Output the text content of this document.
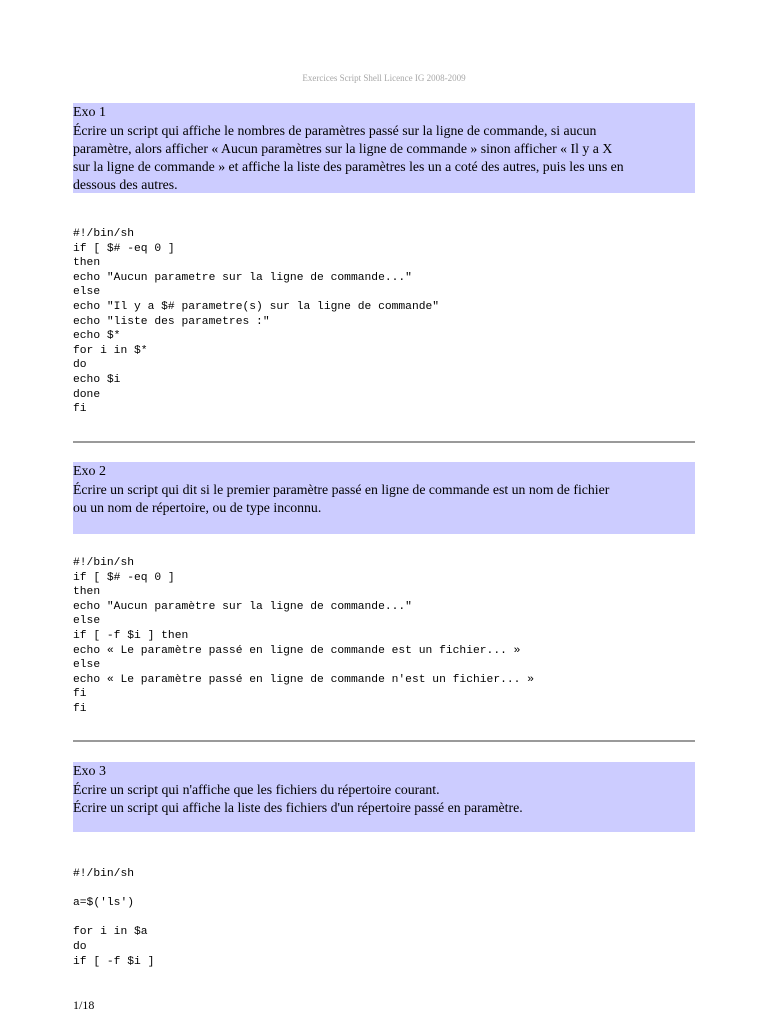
Exercices Script Shell Licence IG 2008-2009
Exo 1
Écrire un script qui affiche le nombres de paramètres passé sur la ligne de commande, si aucun
paramètre, alors afficher « Aucun paramètres sur la ligne de commande » sinon afficher « Il y a X
sur la ligne de commande » et affiche la liste des paramètres les un a coté des autres, puis les uns en
dessous des autres.
#!/bin/sh
if [ $# -eq 0 ]
then
echo "Aucun parametre sur la ligne de commande..."
else
echo "Il y a $# parametre(s) sur la ligne de commande"
echo "liste des parametres :"
echo $*
for i in $*
do
echo $i
done
fi
Exo 2
Écrire un script qui dit si le premier paramètre passé en ligne de commande est un nom de fichier
ou un nom de répertoire, ou de type inconnu.
#!/bin/sh
if [ $# -eq 0 ]
then
echo "Aucun paramètre sur la ligne de commande..."
else
if [ -f $i ] then
echo « Le paramètre passé en ligne de commande est un fichier... »
else
echo « Le paramètre passé en ligne de commande n'est un fichier... »
fi
fi
Exo 3
Écrire un script qui n'affiche que les fichiers du répertoire courant.
Écrire un script qui affiche la liste des fichiers d'un répertoire passé en paramètre.
#!/bin/sh

a=$('ls')

for i in $a
do
if [ -f $i ]
1/18
